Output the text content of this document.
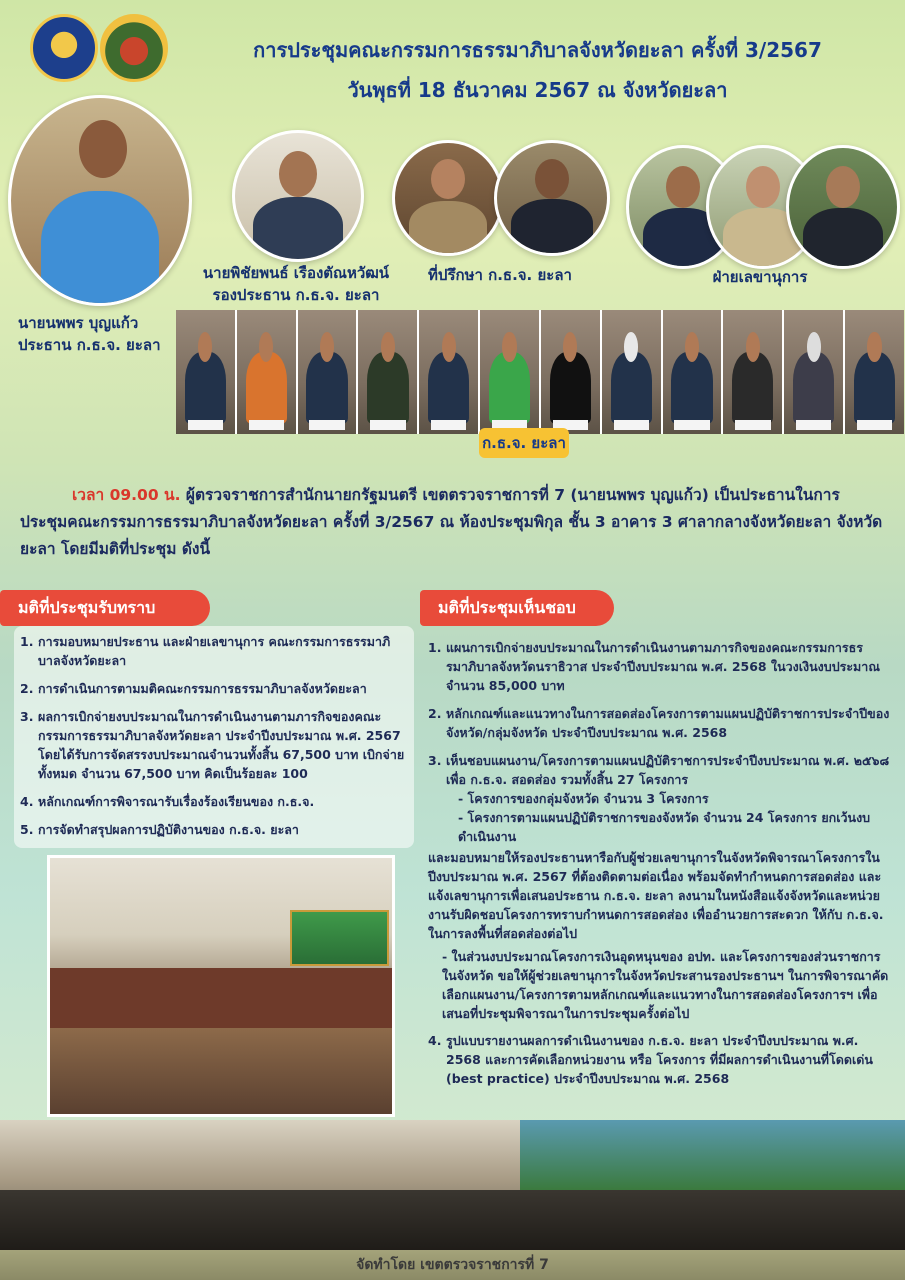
การประชุมคณะกรรมการธรรมาภิบาลจังหวัดยะลา ครั้งที่ 3/2567
วันพุธที่ 18 ธันวาคม 2567 ณ จังหวัดยะลา
นายนพพร บุญแก้ว
ประธาน ก.ธ.จ. ยะลา
นายพิชัยพนธ์ เรืองตัณหวัฒน์
รองประธาน ก.ธ.จ. ยะลา
ที่ปรึกษา ก.ธ.จ. ยะลา	ฝ่ายเลขานุการ
ก.ธ.จ. ยะลา
เวลา 09.00 น. ผู้ตรวจราชการสำนักนายกรัฐมนตรี เขตตรวจราชการที่ 7 (นายนพพร บุญแก้ว) เป็นประธานในการประชุมคณะกรรมการธรรมาภิบาลจังหวัดยะลา ครั้งที่ 3/2567 ณ ห้องประชุมพิกุล ชั้น 3 อาคาร 3 ศาลากลางจังหวัดยะลา จังหวัดยะลา โดยมีมติที่ประชุม ดังนี้
มติที่ประชุมรับทราบ
1. การมอบหมายประธาน และฝ่ายเลขานุการ คณะกรรมการธรรมาภิบาลจังหวัดยะลา
2. การดำเนินการตามมติคณะกรรมการธรรมาภิบาลจังหวัดยะลา
3. ผลการเบิกจ่ายงบประมาณในการดำเนินงานตามภารกิจของคณะกรรมการธรรมาภิบาลจังหวัดยะลา ประจำปีงบประมาณ พ.ศ. 2567 โดยได้รับการจัดสรรงบประมาณจำนวนทั้งสิ้น 67,500 บาท เบิกจ่ายทั้งหมด จำนวน 67,500 บาท คิดเป็นร้อยละ 100
4. หลักเกณฑ์การพิจารณารับเรื่องร้องเรียนของ ก.ธ.จ.
5. การจัดทำสรุปผลการปฏิบัติงานของ ก.ธ.จ. ยะลา
มติที่ประชุมเห็นชอบ
1. แผนการเบิกจ่ายงบประมาณในการดำเนินงานตามภารกิจของคณะกรรมการธรรมาภิบาลจังหวัดนราธิวาส ประจำปีงบประมาณ พ.ศ. 2568 ในวงเงินงบประมาณ จำนวน 85,000 บาท
2. หลักเกณฑ์และแนวทางในการสอดส่องโครงการตามแผนปฏิบัติราชการประจำปีของจังหวัด/กลุ่มจังหวัด ประจำปีงบประมาณ พ.ศ. 2568
3. เห็นชอบแผนงาน/โครงการตามแผนปฏิบัติราชการประจำปีงบประมาณ พ.ศ. ๒๕๖๘ เพื่อ ก.ธ.จ. สอดส่อง รวมทั้งสิ้น 27 โครงการ
- โครงการของกลุ่มจังหวัด จำนวน 3 โครงการ
- โครงการตามแผนปฏิบัติราชการของจังหวัด จำนวน 24 โครงการ ยกเว้นงบดำเนินงาน

และมอบหมายให้รองประธานหารือกับผู้ช่วยเลขานุการในจังหวัดพิจารณาโครงการในปีงบประมาณ พ.ศ. 2567 ที่ต้องติดตามต่อเนื่อง พร้อมจัดทำกำหนดการสอดส่อง และแจ้งเลขานุการเพื่อเสนอประธาน ก.ธ.จ. ยะลา ลงนามในหนังสือแจ้งจังหวัดและหน่วยงานรับผิดชอบโครงการทราบกำหนดการสอดส่อง เพื่ออำนวยการสะดวก ให้กับ ก.ธ.จ. ในการลงพื้นที่สอดส่องต่อไป

- ในส่วนงบประมาณโครงการเงินอุดหนุนของ อปท. และโครงการของส่วนราชการในจังหวัด ขอให้ผู้ช่วยเลขานุการในจังหวัดประสานรองประธานฯ ในการพิจารณาคัดเลือกแผนงาน/โครงการตามหลักเกณฑ์และแนวทางในการสอดส่องโครงการฯ เพื่อเสนอที่ประชุมพิจารณาในการประชุมครั้งต่อไป

4. รูปแบบรายงานผลการดำเนินงานของ ก.ธ.จ. ยะลา ประจำปีงบประมาณ พ.ศ. 2568 และการคัดเลือกหน่วยงาน หรือ โครงการ ที่มีผลการดำเนินงานที่โดดเด่น (best practice) ประจำปีงบประมาณ พ.ศ. 2568
จัดทำโดย เขตตรวจราชการที่ 7
